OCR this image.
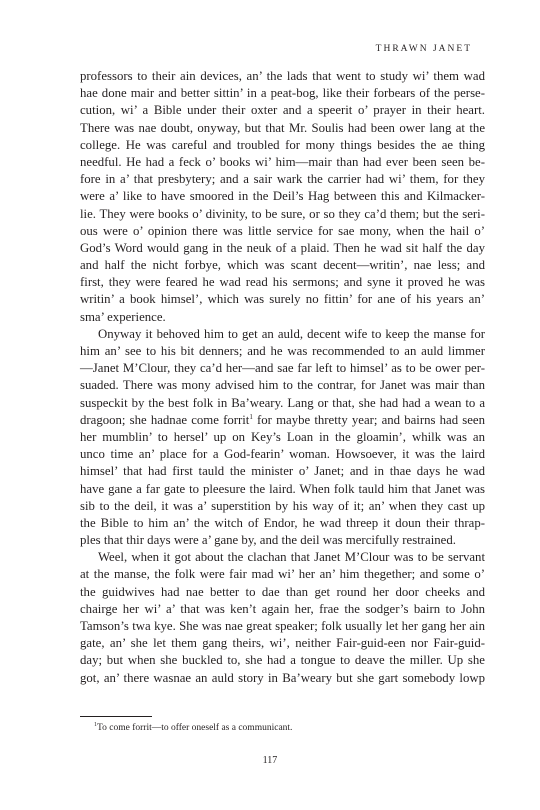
THRAWN JANET
professors to their ain devices, an’ the lads that went to study wi’ them wad
hae done mair and better sittin’ in a peat-bog, like their forbears of the perse-
cution, wi’ a Bible under their oxter and a speerit o’ prayer in their heart.
There was nae doubt, onyway, but that Mr. Soulis had been ower lang at the
college. He was careful and troubled for mony things besides the ae thing
needful. He had a feck o’ books wi’ him—mair than had ever been seen be-
fore in a’ that presbytery; and a sair wark the carrier had wi’ them, for they
were a’ like to have smoored in the Deil’s Hag between this and Kilmacker-
lie. They were books o’ divinity, to be sure, or so they ca’d them; but the seri-
ous were o’ opinion there was little service for sae mony, when the hail o’
God’s Word would gang in the neuk of a plaid. Then he wad sit half the day
and half the nicht forbye, which was scant decent—writin’, nae less; and
first, they were feared he wad read his sermons; and syne it proved he was
writin’ a book himsel’, which was surely no fittin’ for ane of his years an’
sma’ experience.
Onyway it behoved him to get an auld, decent wife to keep the manse for
him an’ see to his bit denners; and he was recommended to an auld limmer
—Janet M’Clour, they ca’d her—and sae far left to himsel’ as to be ower per-
suaded. There was mony advised him to the contrar, for Janet was mair than
suspeckit by the best folk in Ba’weary. Lang or that, she had had a wean to a
dragoon; she hadnae come forrit$^1$ for maybe thretty year; and bairns had seen
her mumblin’ to hersel’ up on Key’s Loan in the gloamin’, whilk was an
unco time an’ place for a God-fearin’ woman. Howsoever, it was the laird
himsel’ that had first tauld the minister o’ Janet; and in thae days he wad
have gane a far gate to pleesure the laird. When folk tauld him that Janet was
sib to the deil, it was a’ superstition by his way of it; an’ when they cast up
the Bible to him an’ the witch of Endor, he wad threep it doun their thrap-
ples that thir days were a’ gane by, and the deil was mercifully restrained.
Weel, when it got about the clachan that Janet M’Clour was to be servant
at the manse, the folk were fair mad wi’ her an’ him thegether; and some o’
the guidwives had nae better to dae than get round her door cheeks and
chairge her wi’ a’ that was ken’t again her, frae the sodger’s bairn to John
Tamson’s twa kye. She was nae great speaker; folk usually let her gang her ain
gate, an’ she let them gang theirs, wi’, neither Fair-guid-een nor Fair-guid-
day; but when she buckled to, she had a tongue to deave the miller. Up she
got, an’ there wasnae an auld story in Ba’weary but she gart somebody lowp
$^1$To come forrit—to offer oneself as a communicant.
117
